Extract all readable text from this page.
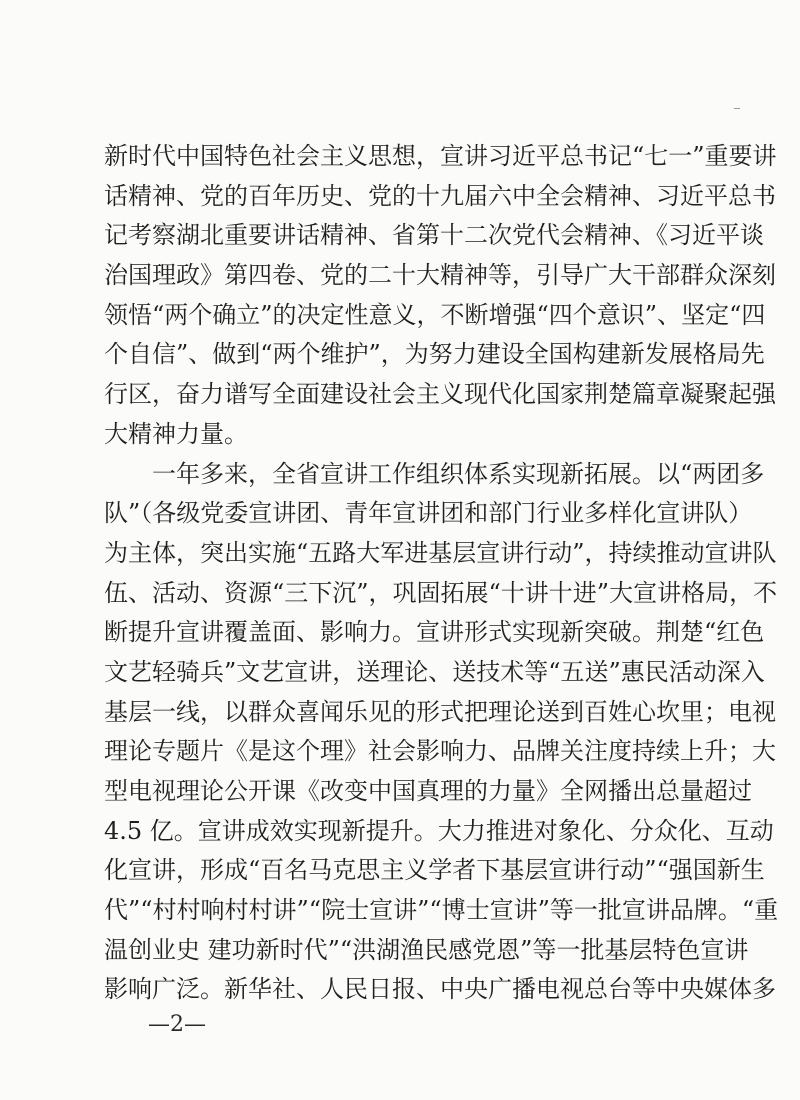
新时代中国特色社会主义思想，宣讲习近平总书记“七一”重要讲
话精神、党的百年历史、党的十九届六中全会精神、习近平总书
记考察湖北重要讲话精神、省第十二次党代会精神、《习近平谈
治国理政》第四卷、党的二十大精神等，引导广大干部群众深刻
领悟“两个确立”的决定性意义，不断增强“四个意识”、坚定“四
个自信”、做到“两个维护”，为努力建设全国构建新发展格局先
行区，奋力谱写全面建设社会主义现代化国家荆楚篇章凝聚起强
大精神力量。
一年多来，全省宣讲工作组织体系实现新拓展。以“两团多
队”（各级党委宣讲团、青年宣讲团和部门行业多样化宣讲队）
为主体，突出实施“五路大军进基层宣讲行动”，持续推动宣讲队
伍、活动、资源“三下沉”，巩固拓展“十讲十进”大宣讲格局，不
断提升宣讲覆盖面、影响力。宣讲形式实现新突破。荆楚“红色
文艺轻骑兵”文艺宣讲，送理论、送技术等“五送”惠民活动深入
基层一线，以群众喜闻乐见的形式把理论送到百姓心坎里；电视
理论专题片《是这个理》社会影响力、品牌关注度持续上升；大
型电视理论公开课《改变中国真理的力量》全网播出总量超过
4.5 亿。宣讲成效实现新提升。大力推进对象化、分众化、互动
化宣讲，形成“百名马克思主义学者下基层宣讲行动”“强国新生
代”“村村响村村讲”“院士宣讲”“博士宣讲”等一批宣讲品牌。“重
温创业史 建功新时代”“洪湖渔民感党恩”等一批基层特色宣讲
影响广泛。新华社、人民日报、中央广播电视总台等中央媒体多
—2—
